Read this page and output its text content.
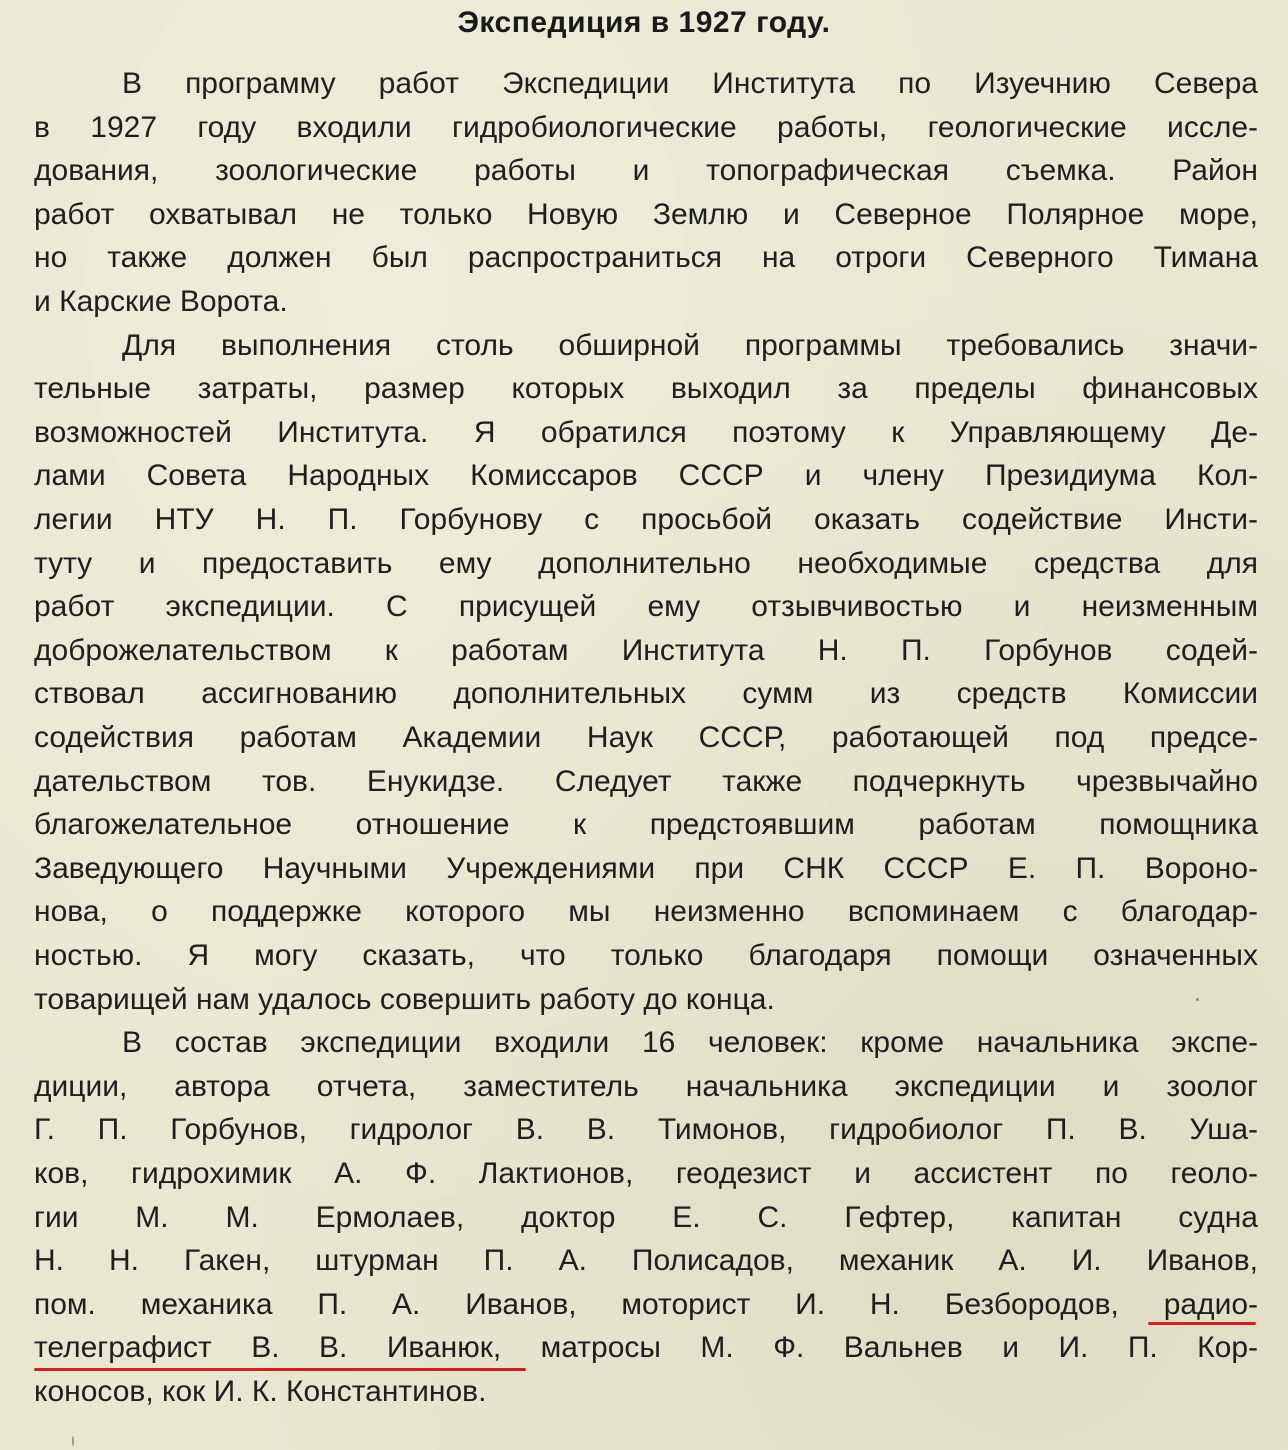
Экспедиция в 1927 году.
В программу работ Экспедиции Института по Изуечнию Севера
в 1927 году входили гидробиологические работы, геологические иссле-
дования, зоологические работы и топографическая съемка. Район
работ охватывал не только Новую Землю и Северное Полярное море,
но также должен был распространиться на отроги Северного Тимана
и Карские Ворота.
Для выполнения столь обширной программы требовались значи-
тельные затраты, размер которых выходил за пределы финансовых
возможностей Института. Я обратился поэтому к Управляющему Де-
лами Совета Народных Комиссаров СССР и члену Президиума Кол-
легии НТУ Н. П. Горбунову с просьбой оказать содействие Инсти-
туту и предоставить ему дополнительно необходимые средства для
работ экспедиции. С присущей ему отзывчивостью и неизменным
доброжелательством к работам Института Н. П. Горбунов содей-
ствовал ассигнованию дополнительных сумм из средств Комиссии
содействия работам Академии Наук СССР, работающей под предсе-
дательством тов. Енукидзе. Следует также подчеркнуть чрезвычайно
благожелательное отношение к предстоявшим работам помощника
Заведующего Научными Учреждениями при СНК СССР Е. П. Вороно-
нова, о поддержке которого мы неизменно вспоминаем с благодар-
ностью. Я могу сказать, что только благодаря помощи означенных
товарищей нам удалось совершить работу до конца.
В состав экспедиции входили 16 человек: кроме начальника экспе-
диции, автора отчета, заместитель начальника экспедиции и зоолог
Г. П. Горбунов, гидролог В. В. Тимонов, гидробиолог П. В. Уша-
ков, гидрохимик А. Ф. Лактионов, геодезист и ассистент по геоло-
гии М. М. Ермолаев, доктор Е. С. Гефтер, капитан судна
Н. Н. Гакен, штурман П. А. Полисадов, механик А. И. Иванов,
пом. механика П. А. Иванов, моторист И. Н. Безбородов, радио-
телеграфист В. В. Иванюк, матросы М. Ф. Вальнев и И. П. Кор-
коносов, кок И. К. Константинов.
